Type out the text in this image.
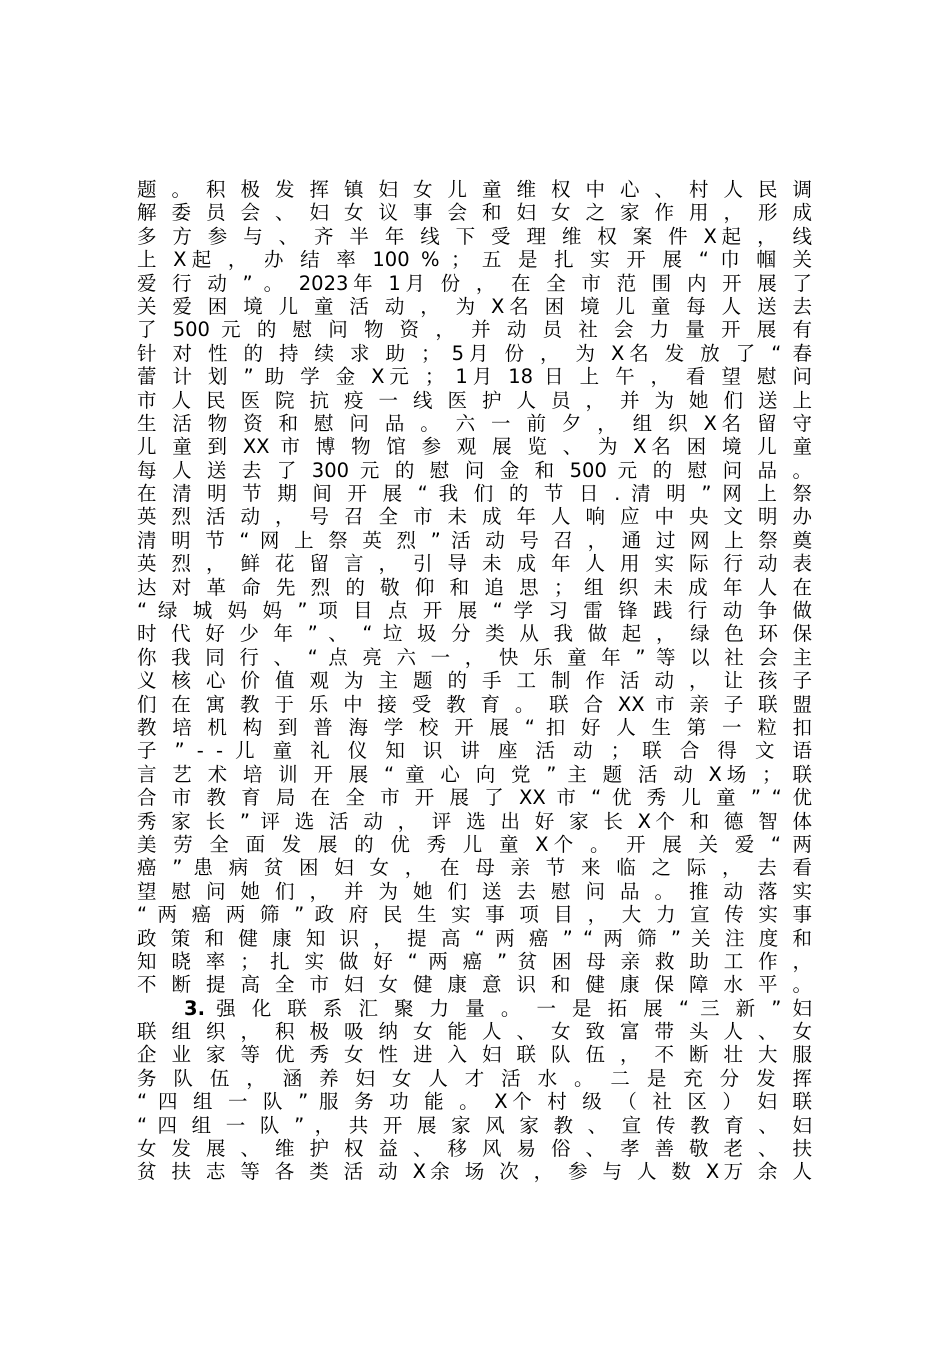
题 。 积 极 发 挥 镇 妇 女 儿 童 维 权 中 心 、 村 人 民 调
解 委 员 会 、 妇 女 议 事 会 和 妇 女 之 家 作 用 ， 形 成
多 方 参 与 、 齐 半 年 线 下 受 理 维 权 案 件 X起 ， 线
上 X起 ， 办 结 率 100 % ； 五 是 扎 实 开 展 “ 巾 帼 关
爱 行 动 ” 。 2023年 1月 份 ， 在 全 市 范 围 内 开 展 了
关 爱 困 境 儿 童 活 动 ， 为 X名 困 境 儿 童 每 人 送 去
了 500 元 的 慰 问 物 资 ， 并 动 员 社 会 力 量 开 展 有
针 对 性 的 持 续 求 助 ； 5月 份 ， 为 X名 发 放 了 “ 春
蕾 计 划 ” 助 学 金 X元 ； 1月 18 日 上 午 ， 看 望 慰 问
市 人 民 医 院 抗 疫 一 线 医 护 人 员 ， 并 为 她 们 送 上
生 活 物 资 和 慰 问 品 。 六 一 前 夕 ， 组 织 X名 留 守
儿 童 到 XX 市 博 物 馆 参 观 展 览 、 为 X名 困 境 儿 童
每 人 送 去 了 300 元 的 慰 问 金 和 500 元 的 慰 问 品 。
在 清 明 节 期 间 开 展 “ 我 们 的 节 日 . 清 明 ” 网 上 祭
英 烈 活 动 ， 号 召 全 市 未 成 年 人 响 应 中 央 文 明 办
清 明 节 “ 网 上 祭 英 烈 ” 活 动 号 召 ， 通 过 网 上 祭 奠
英 烈 ， 鲜 花 留 言 ， 引 导 未 成 年 人 用 实 际 行 动 表
达 对 革 命 先 烈 的 敬 仰 和 追 思 ； 组 织 未 成 年 人 在
“ 绿 城 妈 妈 ” 项 目 点 开 展 “ 学 习 雷 锋 践 行 动 争 做
时 代 好 少 年 ” 、 “ 垃 圾 分 类 从 我 做 起 ， 绿 色 环 保
你 我 同 行 、 “ 点 亮 六 一 ， 快 乐 童 年 ” 等 以 社 会 主
义 核 心 价 值 观 为 主 题 的 手 工 制 作 活 动 ， 让 孩 子
们 在 寓 教 于 乐 中 接 受 教 育 。 联 合 XX 市 亲 子 联 盟
教 培 机 构 到 普 海 学 校 开 展 “ 扣 好 人 生 第 一 粒 扣
子 ” - - 儿 童 礼 仪 知 识 讲 座 活 动 ； 联 合 得 文 语
言 艺 术 培 训 开 展 “ 童 心 向 党 ” 主 题 活 动 X场 ； 联
合 市 教 育 局 在 全 市 开 展 了 XX 市 “ 优 秀 儿 童 ” “ 优
秀 家 长 ” 评 选 活 动 ， 评 选 出 好 家 长 X个 和 德 智 体
美 劳 全 面 发 展 的 优 秀 儿 童 X个 。 开 展 关 爱 “ 两
癌 ” 患 病 贫 困 妇 女 ， 在 母 亲 节 来 临 之 际 ， 去 看
望 慰 问 她 们 ， 并 为 她 们 送 去 慰 问 品 。 推 动 落 实
“ 两 癌 两 筛 ” 政 府 民 生 实 事 项 目 ， 大 力 宣 传 实 事
政 策 和 健 康 知 识 ， 提 高 “ 两 癌 ” “ 两 筛 ” 关 注 度 和
知 晓 率 ； 扎 实 做 好 “ 两 癌 ” 贫 困 母 亲 救 助 工 作 ，
不 断 提 高 全 市 妇 女 健 康 意 识 和 健 康 保 障 水 平 。
3. 强 化 联 系 汇 聚 力 量 。 一 是 拓 展 “ 三 新 ” 妇
联 组 织 ， 积 极 吸 纳 女 能 人 、 女 致 富 带 头 人 、 女
企 业 家 等 优 秀 女 性 进 入 妇 联 队 伍 ， 不 断 壮 大 服
务 队 伍 ， 涵 养 妇 女 人 才 活 水 。 二 是 充 分 发 挥
“ 四 组 一 队 ” 服 务 功 能 。 X个 村 级 （ 社 区 ） 妇 联
“ 四 组 一 队 ” ， 共 开 展 家 风 家 教 、 宣 传 教 育 、 妇
女 发 展 、 维 护 权 益 、 移 风 易 俗 、 孝 善 敬 老 、 扶
贫 扶 志 等 各 类 活 动 X余 场 次 ， 参 与 人 数 X万 余 人
